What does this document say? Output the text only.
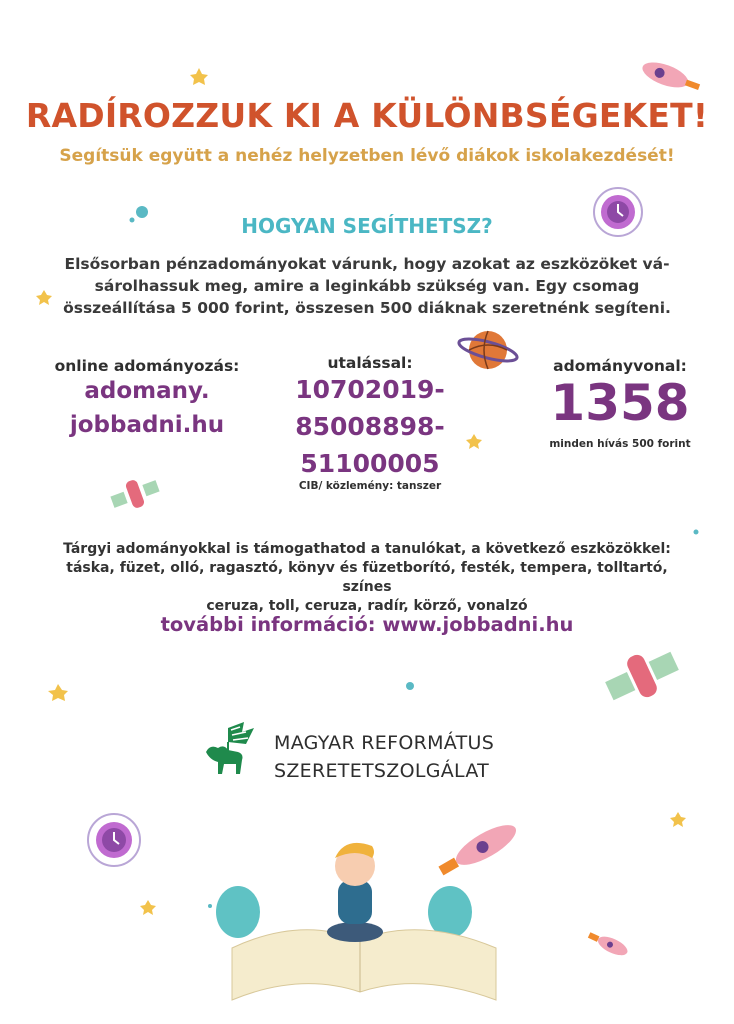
RADÍROZZUK KI A KÜLÖNBSÉGEKET!
Segítsük együtt a nehéz helyzetben lévő diákok iskolakezdését!
HOGYAN SEGÍTHETSZ?
Elsősorban pénzadományokat várunk, hogy azokat az eszközöket vá-
sárolhassuk meg, amire a leginkább szükség van. Egy csomag
összeállítása 5 000 forint, összesen 500 diáknak szeretnénk segíteni.
online adományozás:
adomany.
jobbadni.hu
utalással:
10702019-
85008898-
51100005
CIB/ közlemény: tanszer
adományvonal:
1358
minden hívás 500 forint
Tárgyi adományokkal is támogathatod a tanulókat, a következő eszközökkel:
táska, füzet, olló, ragasztó, könyv és füzetborító, festék, tempera, tolltartó, színes
ceruza, toll, ceruza, radír, körző, vonalzó
további információ: www.jobbadni.hu
MAGYAR REFORMÁTUS
SZERETETSZOLGÁLAT
